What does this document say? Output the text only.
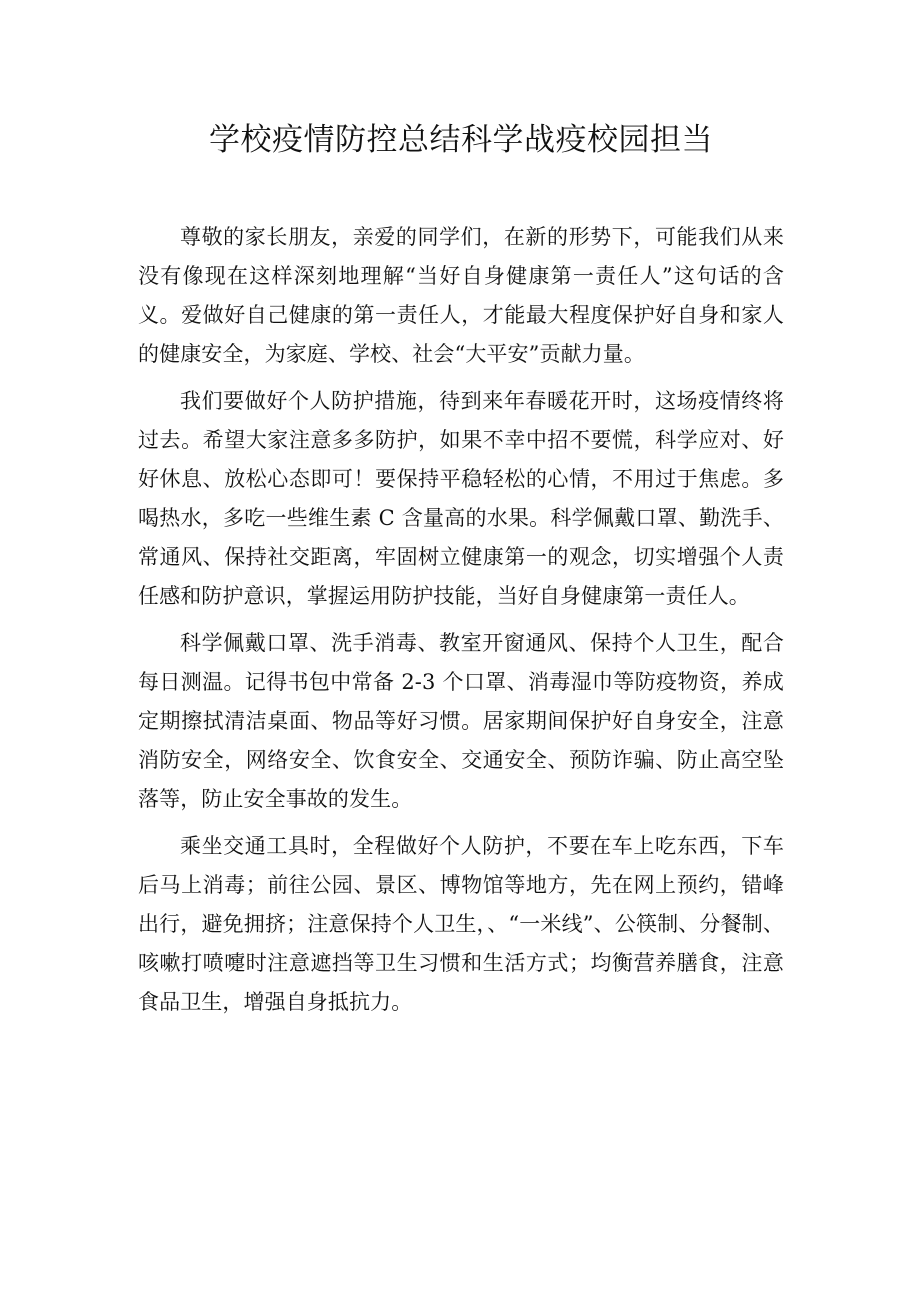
学校疫情防控总结科学战疫校园担当

尊敬的家长朋友，亲爱的同学们，在新的形势下，可能我们从来没有像现在这样深刻地理解“当好自身健康第一责任人”这句话的含义。爱做好自己健康的第一责任人，才能最大程度保护好自身和家人的健康安全，为家庭、学校、社会“大平安”贡献力量。

我们要做好个人防护措施，待到来年春暖花开时，这场疫情终将过去。希望大家注意多多防护，如果不幸中招不要慌，科学应对、好好休息、放松心态即可！要保持平稳轻松的心情，不用过于焦虑。多喝热水，多吃一些维生素 C 含量高的水果。科学佩戴口罩、勤洗手、常通风、保持社交距离，牢固树立健康第一的观念，切实增强个人责任感和防护意识，掌握运用防护技能，当好自身健康第一责任人。

科学佩戴口罩、洗手消毒、教室开窗通风、保持个人卫生，配合每日测温。记得书包中常备 2-3 个口罩、消毒湿巾等防疫物资，养成定期擦拭清洁桌面、物品等好习惯。居家期间保护好自身安全，注意消防安全，网络安全、饮食安全、交通安全、预防诈骗、防止高空坠落等，防止安全事故的发生。

乘坐交通工具时，全程做好个人防护，不要在车上吃东西，下车后马上消毒；前往公园、景区、博物馆等地方，先在网上预约，错峰出行，避免拥挤；注意保持个人卫生，、“一米线”、公筷制、分餐制、咳嗽打喷嚏时注意遮挡等卫生习惯和生活方式；均衡营养膳食，注意食品卫生，增强自身抵抗力。
